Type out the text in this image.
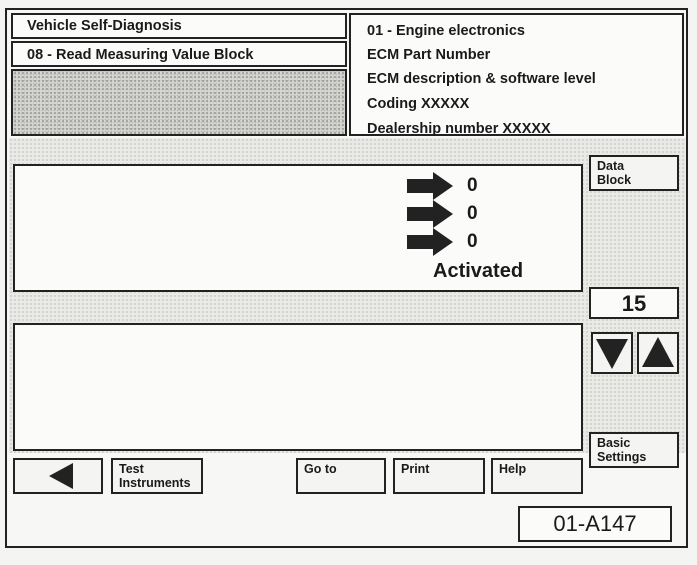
Vehicle Self-Diagnosis
08 - Read Measuring Value Block
01 - Engine electronics
ECM Part Number
ECM description & software level
Coding XXXXX
Dealership number XXXXX
0
0
0
Activated
Data
Block
15
Basic
Settings
Test
Instruments
Go to	Print	Help
01-A147
